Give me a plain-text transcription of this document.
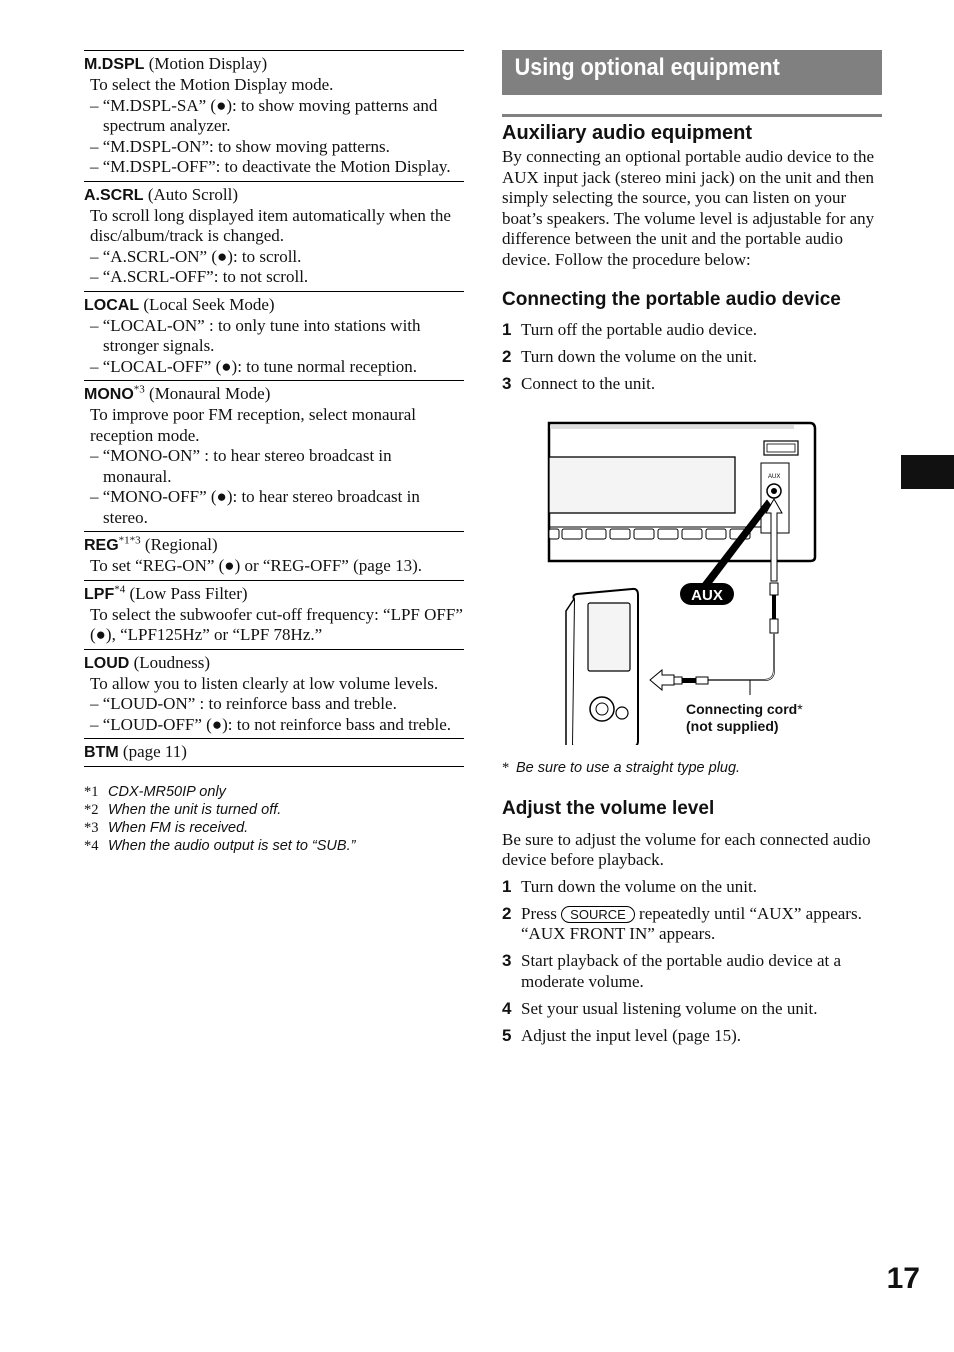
M.DSPL (Motion Display)
To select the Motion Display mode.
– “M.DSPL-SA” (●): to show moving patterns and spectrum analyzer.
– “M.DSPL-ON”: to show moving patterns.
– “M.DSPL-OFF”: to deactivate the Motion Display.
A.SCRL (Auto Scroll)
To scroll long displayed item automatically when the disc/album/track is changed.
– “A.SCRL-ON” (●): to scroll.
– “A.SCRL-OFF”: to not scroll.
LOCAL (Local Seek Mode)
– “LOCAL-ON” : to only tune into stations with stronger signals.
– “LOCAL-OFF” (●): to tune normal reception.
MONO$^{*3}$ (Monaural Mode)
To improve poor FM reception, select monaural reception mode.
– “MONO-ON” : to hear stereo broadcast in monaural.
– “MONO-OFF” (●): to hear stereo broadcast in stereo.
$REG^{*1*3}$ (Regional)
To set “REG-ON” (●) or “REG-OFF” (page 13).
LPF$^{*4}$ (Low Pass Filter)
To select the subwoofer cut-off frequency: “LPF OFF” (●), “LPF125Hz” or “LPF 78Hz.”
LOUD (Loudness)
To allow you to listen clearly at low volume levels.
– “LOUD-ON” : to reinforce bass and treble.
– “LOUD-OFF” (●): to not reinforce bass and treble.
BTM (page 11)
*1 CDX-MR50IP only
*2 When the unit is turned off.
*3 When FM is received.
*4 When the audio output is set to “SUB.”
Using optional equipment
Auxiliary audio equipment

By connecting an optional portable audio device to the AUX input jack (stereo mini jack) on the unit and then simply selecting the source, you can listen on your boat’s speakers. The volume level is adjustable for any difference between the unit and the portable audio device. Follow the procedure below:

Connecting the portable audio device
1 Turn off the portable audio device.
2 Turn down the volume on the unit.
3 Connect to the unit.
AUX
AUX
Connecting cord*
(not supplied)

* Be sure to use a straight type plug.

Adjust the volume level

Be sure to adjust the volume for each connected audio device before playback.

1 Turn down the volume on the unit.
2 Press SOURCE repeatedly until “AUX” appears.
“AUX FRONT IN” appears.
3 Start playback of the portable audio device at a moderate volume.
4 Set your usual listening volume on the unit.
5 Adjust the input level (page 15).
17
